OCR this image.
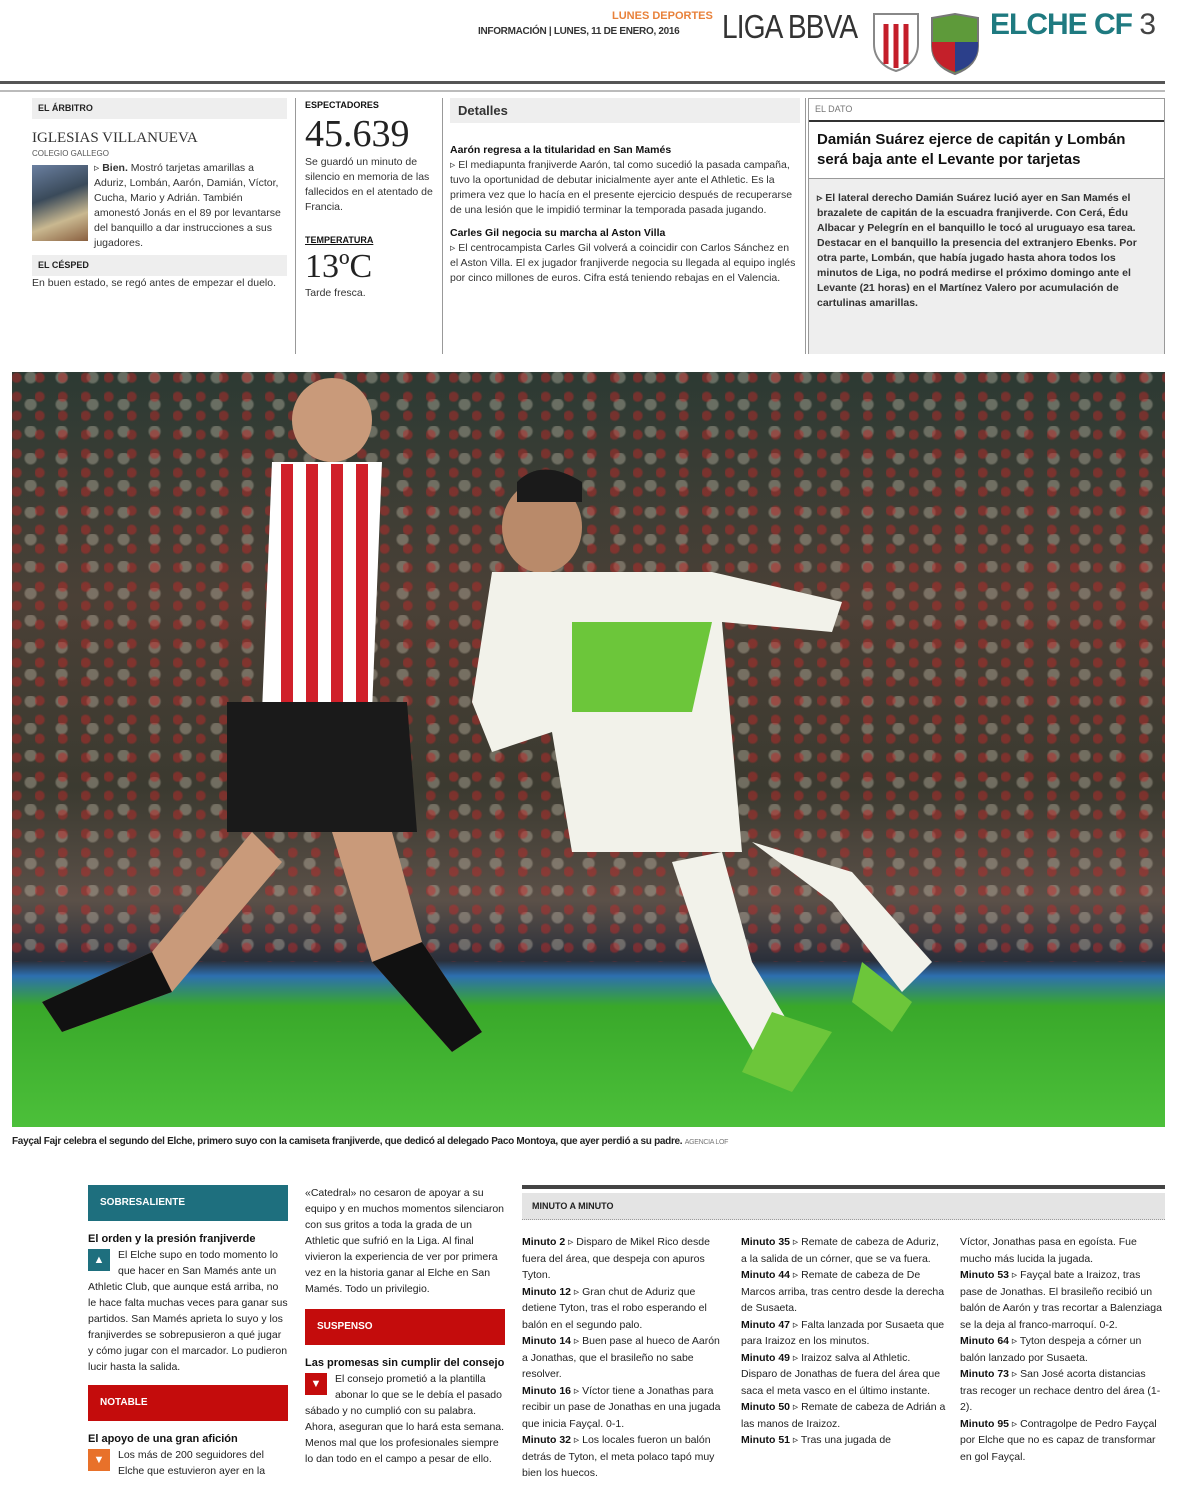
LUNES DEPORTES
INFORMACIÓN | LUNES, 11 DE ENERO, 2016 LIGA BBVA	ELCHE CF 3
EL ÁRBITRO
IGLESIAS VILLANUEVA
COLEGIO GALLEGO
▹ Bien. Mostró tarjetas amarillas a Aduriz, Lombán, Aarón, Damián, Víctor, Cucha, Mario y Adrián. También amonestó Jonás en el 89 por levantarse del banquillo a dar instrucciones a sus jugadores.
EL CÉSPED
En buen estado, se regó antes de empezar el duelo.
ESPECTADORES
45.639
Se guardó un minuto de silencio en memoria de las fallecidos en el atentado de Francia.
TEMPERATURA
13ºC
Tarde fresca.
Detalles
Aarón regresa a la titularidad en San Mamés
▹ El mediapunta franjiverde Aarón, tal como sucedió la pasada campaña, tuvo la oportunidad de debutar inicialmente ayer ante el Athletic. Es la primera vez que lo hacía en el presente ejercicio después de recuperarse de una lesión que le impidió terminar la temporada pasada jugando.
Carles Gil negocia su marcha al Aston Villa
▹ El centrocampista Carles Gil volverá a coincidir con Carlos Sánchez en el Aston Villa. El ex jugador franjiverde negocia su llegada al equipo inglés por cinco millones de euros. Cifra está teniendo rebajas en el Valencia.
EL DATO
Damián Suárez ejerce de capitán y Lombán será baja ante el Levante por tarjetas
▹ El lateral derecho Damián Suárez lució ayer en San Mamés el brazalete de capitán de la escuadra franjiverde. Con Cerá, Édu Albacar y Pelegrín en el banquillo le tocó al uruguayo esa tarea. Destacar en el banquillo la presencia del extranjero Ebenks. Por otra parte, Lombán, que había jugado hasta ahora todos los minutos de Liga, no podrá medirse el próximo domingo ante el Levante (21 horas) en el Martínez Valero por acumulación de cartulinas amarillas.
Fayçal Fajr celebra el segundo del Elche, primero suyo con la camiseta franjiverde, que dedicó al delegado Paco Montoya, que ayer perdió a su padre. AGENCIA LOF
SOBRESALIENTE
El orden y la presión franjiverde
▲	El Elche supo en todo momento lo que hacer en San Mamés ante un Athletic Club, que aunque está arriba, no le hace falta muchas veces para ganar sus partidos. San Mamés aprieta lo suyo y los franjiverdes se sobrepusieron a qué jugar y cómo jugar con el marcador. Lo pudieron lucir hasta la salida.
NOTABLE
El apoyo de una gran afición
▼	Los más de 200 seguidores del Elche que estuvieron ayer en la
«Catedral» no cesaron de apoyar a su equipo y en muchos momentos silenciaron con sus gritos a toda la grada de un Athletic que sufrió en la Liga. Al final vivieron la experiencia de ver por primera vez en la historia ganar al Elche en San Mamés. Todo un privilegio.
SUSPENSO
Las promesas sin cumplir del consejo
▼	El consejo prometió a la plantilla abonar lo que se le debía el pasado sábado y no cumplió con su palabra. Ahora, aseguran que lo hará esta semana. Menos mal que los profesionales siempre lo dan todo en el campo a pesar de ello.
MINUTO A MINUTO
Minuto 2 ▹ Disparo de Mikel Rico desde fuera del área, que despeja con apuros Tyton.
Minuto 12 ▹ Gran chut de Aduriz que detiene Tyton, tras el robo esperando el balón en el segundo palo.
Minuto 14 ▹ Buen pase al hueco de Aarón a Jonathas, que el brasileño no sabe resolver.
Minuto 16 ▹ Víctor tiene a Jonathas para recibir un pase de Jonathas en una jugada que inicia Fayçal. 0-1.
Minuto 32 ▹ Los locales fueron un balón detrás de Tyton, el meta polaco tapó muy bien los huecos.
Minuto 35 ▹ Remate de cabeza de Aduriz, a la salida de un córner, que se va fuera.
Minuto 44 ▹ Remate de cabeza de De Marcos arriba, tras centro desde la derecha de Susaeta.
Minuto 47 ▹ Falta lanzada por Susaeta que para Iraizoz en los minutos.
Minuto 49 ▹ Iraizoz salva al Athletic. Disparo de Jonathas de fuera del área que saca el meta vasco en el último instante.
Minuto 50 ▹ Remate de cabeza de Adrián a las manos de Iraizoz.
Minuto 51 ▹ Tras una jugada de
Víctor, Jonathas pasa en egoísta. Fue mucho más lucida la jugada.
Minuto 53 ▹ Fayçal bate a Iraizoz, tras pase de Jonathas. El brasileño recibió un balón de Aarón y tras recortar a Balenziaga se la deja al franco-marroquí. 0-2.
Minuto 64 ▹ Tyton despeja a córner un balón lanzado por Susaeta.
Minuto 73 ▹ San José acorta distancias tras recoger un rechace dentro del área (1-2).
Minuto 95 ▹ Contragolpe de Pedro Fayçal por Elche que no es capaz de transformar en gol Fayçal.
